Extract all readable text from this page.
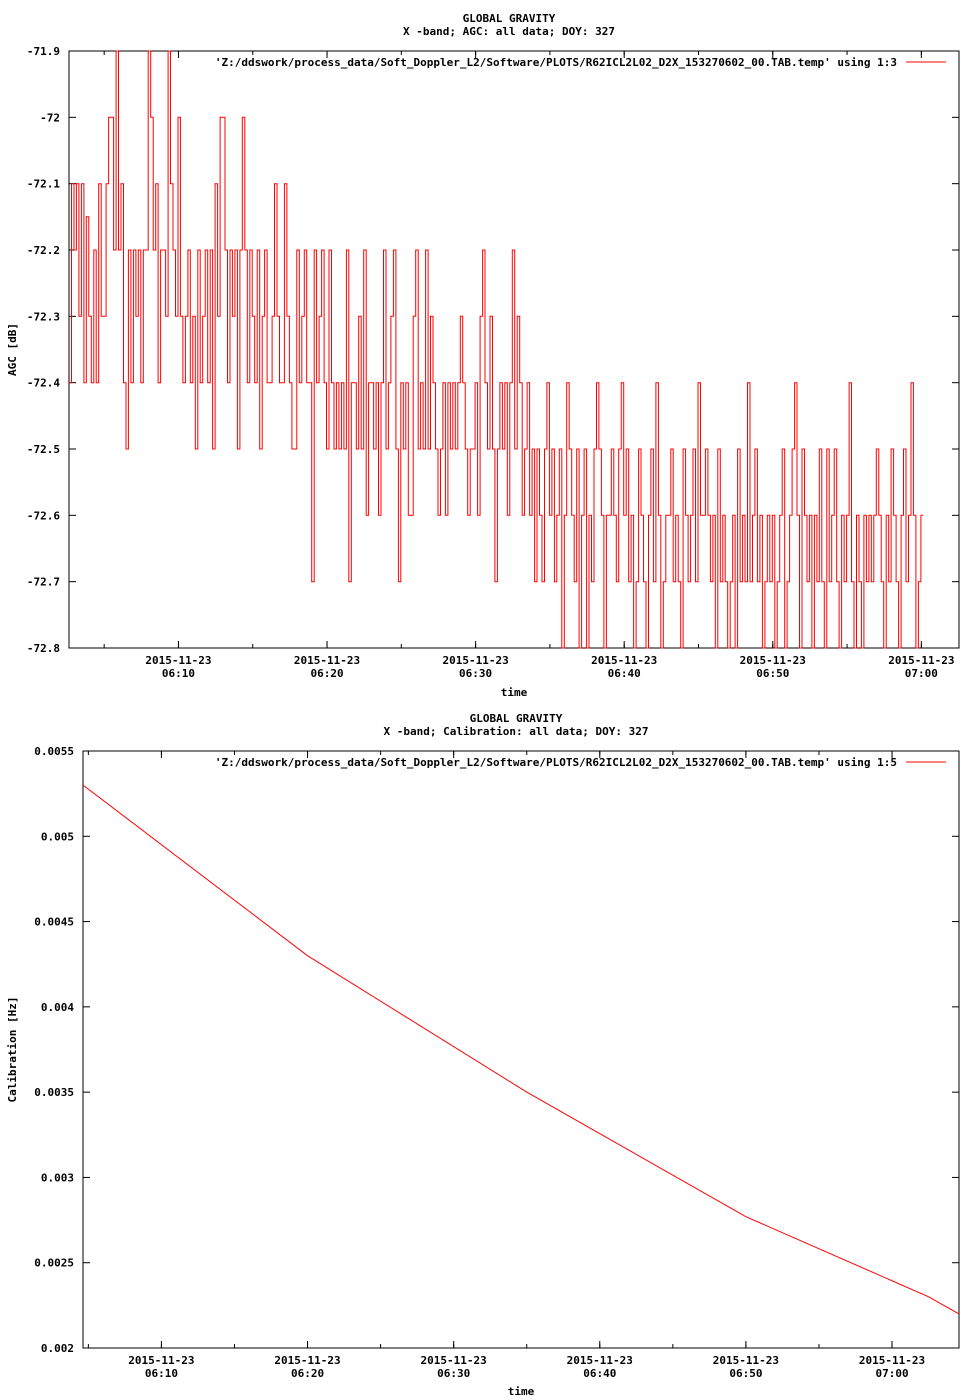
GLOBAL GRAVITY
X -band; AGC: all data; DOY: 327
-71.9
-72
-72.1
-72.2
-72.3
-72.4
-72.5
-72.6
-72.7
-72.8
2015-11-23
06:10
2015-11-23
06:20
2015-11-23
06:30
2015-11-23
06:40
2015-11-23
06:50
2015-11-23
07:00
time
AGC [dB]
'Z:/ddswork/process_data/Soft_Doppler_L2/Software/PLOTS/R62ICL2L02_D2X_153270602_00.TAB.temp' using 1:3
GLOBAL GRAVITY
X -band; Calibration: all data; DOY: 327
0.0055
0.005
0.0045
0.004
0.0035
0.003
0.0025
0.002
2015-11-23
06:10
2015-11-23
06:20
2015-11-23
06:30
2015-11-23
06:40
2015-11-23
06:50
2015-11-23
07:00
time
Calibration [Hz]
'Z:/ddswork/process_data/Soft_Doppler_L2/Software/PLOTS/R62ICL2L02_D2X_153270602_00.TAB.temp' using 1:5
